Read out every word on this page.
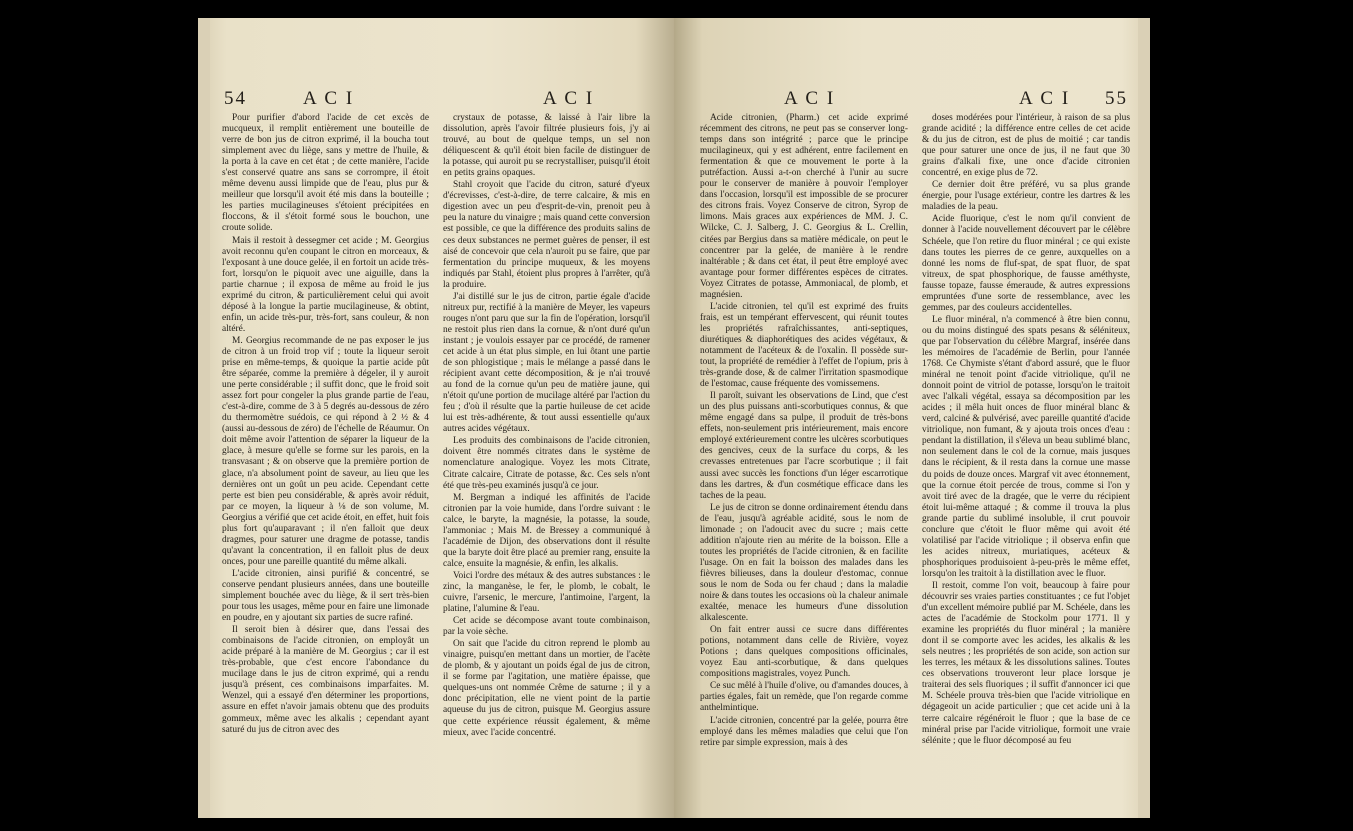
54	A C I	A C I

Pour purifier d'abord l'acide de cet excès de mucqueux, il remplit entièrement une bouteille de verre de bon jus de citron exprimé, il la boucha tout simplement avec du liège, sans y mettre de l'huile, & la porta à la cave en cet état ; de cette manière, l'acide s'est conservé quatre ans sans se corrompre, il étoit même devenu aussi limpide que de l'eau, plus pur & meilleur que lorsqu'il avoit été mis dans la bouteille ; les parties mucilagineuses s'étoient précipitées en floccons, & il s'étoit formé sous le bouchon, une croute solide.

Mais il restoit à dessegmer cet acide ; M. Georgius avoit reconnu qu'en coupant le citron en morceaux, & l'exposant à une douce gelée, il en fortoit un acide très-fort, lorsqu'on le piquoit avec une aiguille, dans la partie charnue ; il exposa de même au froid le jus exprimé du citron, & particulièrement celui qui avoit déposé à la longue la partie mucilagineuse, & obtint, enfin, un acide très-pur, très-fort, sans couleur, & non altéré.

M. Georgius recommande de ne pas exposer le jus de citron à un froid trop vif ; toute la liqueur seroit prise en même-temps, & quoique la partie acide pût être séparée, comme la première à dégeler, il y auroit une perte considérable ; il suffit donc, que le froid soit assez fort pour congeler la plus grande partie de l'eau, c'est-à-dire, comme de 3 à 5 degrés au-dessous de zéro du thermomètre suédois, ce qui répond à 2 ½ & 4 (aussi au-dessous de zéro) de l'échelle de Réaumur. On doit même avoir l'attention de séparer la liqueur de la glace, à mesure qu'elle se forme sur les parois, en la transvasant ; & on observe que la première portion de glace, n'a absolument point de saveur, au lieu que les dernières ont un goût un peu acide. Cependant cette perte est bien peu considérable, & après avoir réduit, par ce moyen, la liqueur à ⅛ de son volume, M. Georgius a vérifié que cet acide étoit, en effet, huit fois plus fort qu'auparavant ; il n'en falloit que deux dragmes, pour saturer une dragme de potasse, tandis qu'avant la concentration, il en falloit plus de deux onces, pour une pareille quantité du même alkali.

L'acide citronien, ainsi purifié & concentré, se conserve pendant plusieurs années, dans une bouteille simplement bouchée avec du liège, & il sert très-bien pour tous les usages, même pour en faire une limonade en poudre, en y ajoutant six parties de sucre rafiné.

Il seroit bien à désirer que, dans l'essai des combinaisons de l'acide citronien, on employât un acide préparé à la manière de M. Georgius ; car il est très-probable, que c'est encore l'abondance du mucilage dans le jus de citron exprimé, qui a rendu jusqu'à présent, ces combinaisons imparfaites. M. Wenzel, qui a essayé d'en déterminer les proportions, assure en effet n'avoir jamais obtenu que des produits gommeux, même avec les alkalis ; cependant ayant saturé du jus de citron avec des

crystaux de potasse, & laissé à l'air libre la dissolution, après l'avoir filtrée plusieurs fois, j'y ai trouvé, au bout de quelque temps, un sel non déliquescent & qu'il étoit bien facile de distinguer de la potasse, qui auroit pu se recrystalliser, puisqu'il étoit en petits grains opaques.

Stahl croyoit que l'acide du citron, saturé d'yeux d'écrevisses, c'est-à-dire, de terre calcaire, & mis en digestion avec un peu d'esprit-de-vin, prenoit peu à peu la nature du vinaigre ; mais quand cette conversion est possible, ce que la différence des produits salins de ces deux substances ne permet guères de penser, il est aisé de concevoir que cela n'auroit pu se faire, que par fermentation du principe muqueux, & les moyens indiqués par Stahl, étoient plus propres à l'arrêter, qu'à la produire.

J'ai distillé sur le jus de citron, partie égale d'acide nitreux pur, rectifié à la manière de Meyer, les vapeurs rouges n'ont paru que sur la fin de l'opération, lorsqu'il ne restoit plus rien dans la cornue, & n'ont duré qu'un instant ; je voulois essayer par ce procédé, de ramener cet acide à un état plus simple, en lui ôtant une partie de son phlogistique ; mais le mélange a passé dans le récipient avant cette décomposition, & je n'ai trouvé au fond de la cornue qu'un peu de matière jaune, qui n'étoit qu'une portion de mucilage altéré par l'action du feu ; d'où il résulte que la partie huileuse de cet acide lui est très-adhérente, & tout aussi essentielle qu'aux autres acides végétaux.

Les produits des combinaisons de l'acide citronien, doivent être nommés citrates dans le système de nomenclature analogique. Voyez les mots Citrate, Citrate calcaire, Citrate de potasse, &c. Ces sels n'ont été que très-peu examinés jusqu'à ce jour.

M. Bergman a indiqué les affinités de l'acide citronien par la voie humide, dans l'ordre suivant : le calce, le baryte, la magnésie, la potasse, la soude, l'ammoniac ; Mais M. de Bressey a communiqué à l'académie de Dijon, des observations dont il résulte que la baryte doit être placé au premier rang, ensuite la calce, ensuite la magnésie, & enfin, les alkalis.

Voici l'ordre des métaux & des autres substances : le zinc, la manganèse, le fer, le plomb, le cobalt, le cuivre, l'arsenic, le mercure, l'antimoine, l'argent, la platine, l'alumine & l'eau.

Cet acide se décompose avant toute combinaison, par la voie sèche.

On sait que l'acide du citron reprend le plomb au vinaigre, puisqu'en mettant dans un mortier, de l'acète de plomb, & y ajoutant un poids égal de jus de citron, il se forme par l'agitation, une matière épaisse, que quelques-uns ont nommée Crême de saturne ; il y a donc précipitation, elle ne vient point de la partie aqueuse du jus de citron, puisque M. Georgius assure que cette expérience réussit également, & même mieux, avec l'acide concentré.

A C I	A C I 55

Acide citronien, (Pharm.) cet acide exprimé récemment des citrons, ne peut pas se conserver long-temps dans son intégrité ; parce que le principe mucilagineux, qui y est adhérent, entre facilement en fermentation & que ce mouvement le porte à la putréfaction. Aussi a-t-on cherché à l'unir au sucre pour le conserver de manière à pouvoir l'employer dans l'occasion, lorsqu'il est impossible de se procurer des citrons frais. Voyez Conserve de citron, Syrop de limons. Mais graces aux expériences de MM. J. C. Wilcke, C. J. Salberg, J. C. Georgius & L. Crellin, citées par Bergius dans sa matière médicale, on peut le concentrer par la gelée, de manière à le rendre inaltérable ; & dans cet état, il peut être employé avec avantage pour former différentes espèces de citrates. Voyez Citrates de potasse, Ammoniacal, de plomb, et magnésien.

L'acide citronien, tel qu'il est exprimé des fruits frais, est un tempérant effervescent, qui réunit toutes les propriétés rafraîchissantes, anti-septiques, diurétiques & diaphorétiques des acides végétaux, & notamment de l'acéteux & de l'oxalin. Il possède sur-tout, la propriété de remédier à l'effet de l'opium, pris à très-grande dose, & de calmer l'irritation spasmodique de l'estomac, cause fréquente des vomissemens.

Il paroît, suivant les observations de Lind, que c'est un des plus puissans anti-scorbutiques connus, & que même engagé dans sa pulpe, il produit de très-bons effets, non-seulement pris intérieurement, mais encore employé extérieurement contre les ulcères scorbutiques des gencives, ceux de la surface du corps, & les crevasses entretenues par l'acre scorbutique ; il fait aussi avec succès les fonctions d'un léger escarrotique dans les dartres, & d'un cosmétique efficace dans les taches de la peau.

Le jus de citron se donne ordinairement étendu dans de l'eau, jusqu'à agréable acidité, sous le nom de limonade ; on l'adoucit avec du sucre ; mais cette addition n'ajoute rien au mérite de la boisson. Elle a toutes les propriétés de l'acide citronien, & en facilite l'usage. On en fait la boisson des malades dans les fièvres bilieuses, dans la douleur d'estomac, connue sous le nom de Soda ou fer chaud ; dans la maladie noire & dans toutes les occasions où la chaleur animale exaltée, menace les humeurs d'une dissolution alkalescente.

On fait entrer aussi ce sucre dans différentes potions, notamment dans celle de Rivière, voyez Potions ; dans quelques compositions officinales, voyez Eau anti-scorbutique, & dans quelques compositions magistrales, voyez Punch.

Ce suc mêlé à l'huile d'olive, ou d'amandes douces, à parties égales, fait un remède, que l'on regarde comme anthelmintique.

L'acide citronien, concentré par la gelée, pourra être employé dans les mêmes maladies que celui que l'on retire par simple expression, mais à des

doses modérées pour l'intérieur, à raison de sa plus grande acidité ; la différence entre celles de cet acide & du jus de citron, est de plus de moitié ; car tandis que pour saturer une once de jus, il ne faut que 30 grains d'alkali fixe, une once d'acide citronien concentré, en exige plus de 72.

Ce dernier doit être préféré, vu sa plus grande énergie, pour l'usage extérieur, contre les dartres & les maladies de la peau.

Acide fluorique, c'est le nom qu'il convient de donner à l'acide nouvellement découvert par le célèbre Schéele, que l'on retire du fluor minéral ; ce qui existe dans toutes les pierres de ce genre, auxquelles on a donné les noms de fluf-spat, de spat fluor, de spat vitreux, de spat phosphorique, de fausse améthyste, fausse topaze, fausse émeraude, & autres expressions empruntées d'une sorte de ressemblance, avec les gemmes, par des couleurs accidentelles.

Le fluor minéral, n'a commencé à être bien connu, ou du moins distingué des spats pesans & séléniteux, que par l'observation du célèbre Margraf, insérée dans les mémoires de l'académie de Berlin, pour l'année 1768. Ce Chymiste s'étant d'abord assuré, que le fluor minéral ne tenoit point d'acide vitriolique, qu'il ne donnoit point de vitriol de potasse, lorsqu'on le traitoit avec l'alkali végétal, essaya sa décomposition par les acides ; il mêla huit onces de fluor minéral blanc & verd, calciné & pulvérisé, avec pareille quantité d'acide vitriolique, non fumant, & y ajouta trois onces d'eau : pendant la distillation, il s'éleva un beau sublimé blanc, non seulement dans le col de la cornue, mais jusques dans le récipient, & il resta dans la cornue une masse du poids de douze onces. Margraf vit avec étonnement, que la cornue étoit percée de trous, comme si l'on y avoit tiré avec de la dragée, que le verre du récipient étoit lui-même attaqué ; & comme il trouva la plus grande partie du sublimé insoluble, il crut pouvoir conclure que c'étoit le fluor même qui avoit été volatilisé par l'acide vitriolique ; il observa enfin que les acides nitreux, muriatiques, acéteux & phosphoriques produisoient à-peu-près le même effet, lorsqu'on les traitoit à la distillation avec le fluor.

Il restoit, comme l'on voit, beaucoup à faire pour découvrir ses vraies parties constituantes ; ce fut l'objet d'un excellent mémoire publié par M. Schéele, dans les actes de l'académie de Stockolm pour 1771. Il y examine les propriétés du fluor minéral ; la manière dont il se comporte avec les acides, les alkalis & les sels neutres ; les propriétés de son acide, son action sur les terres, les métaux & les dissolutions salines. Toutes ces observations trouveront leur place lorsque je traiterai des sels fluoriques ; il suffit d'annoncer ici que M. Schéele prouva très-bien que l'acide vitriolique en dégageoit un acide particulier ; que cet acide uni à la terre calcaire régénéroit le fluor ; que la base de ce minéral prise par l'acide vitriolique, formoit une vraie sélénite ; que le fluor décomposé au feu
